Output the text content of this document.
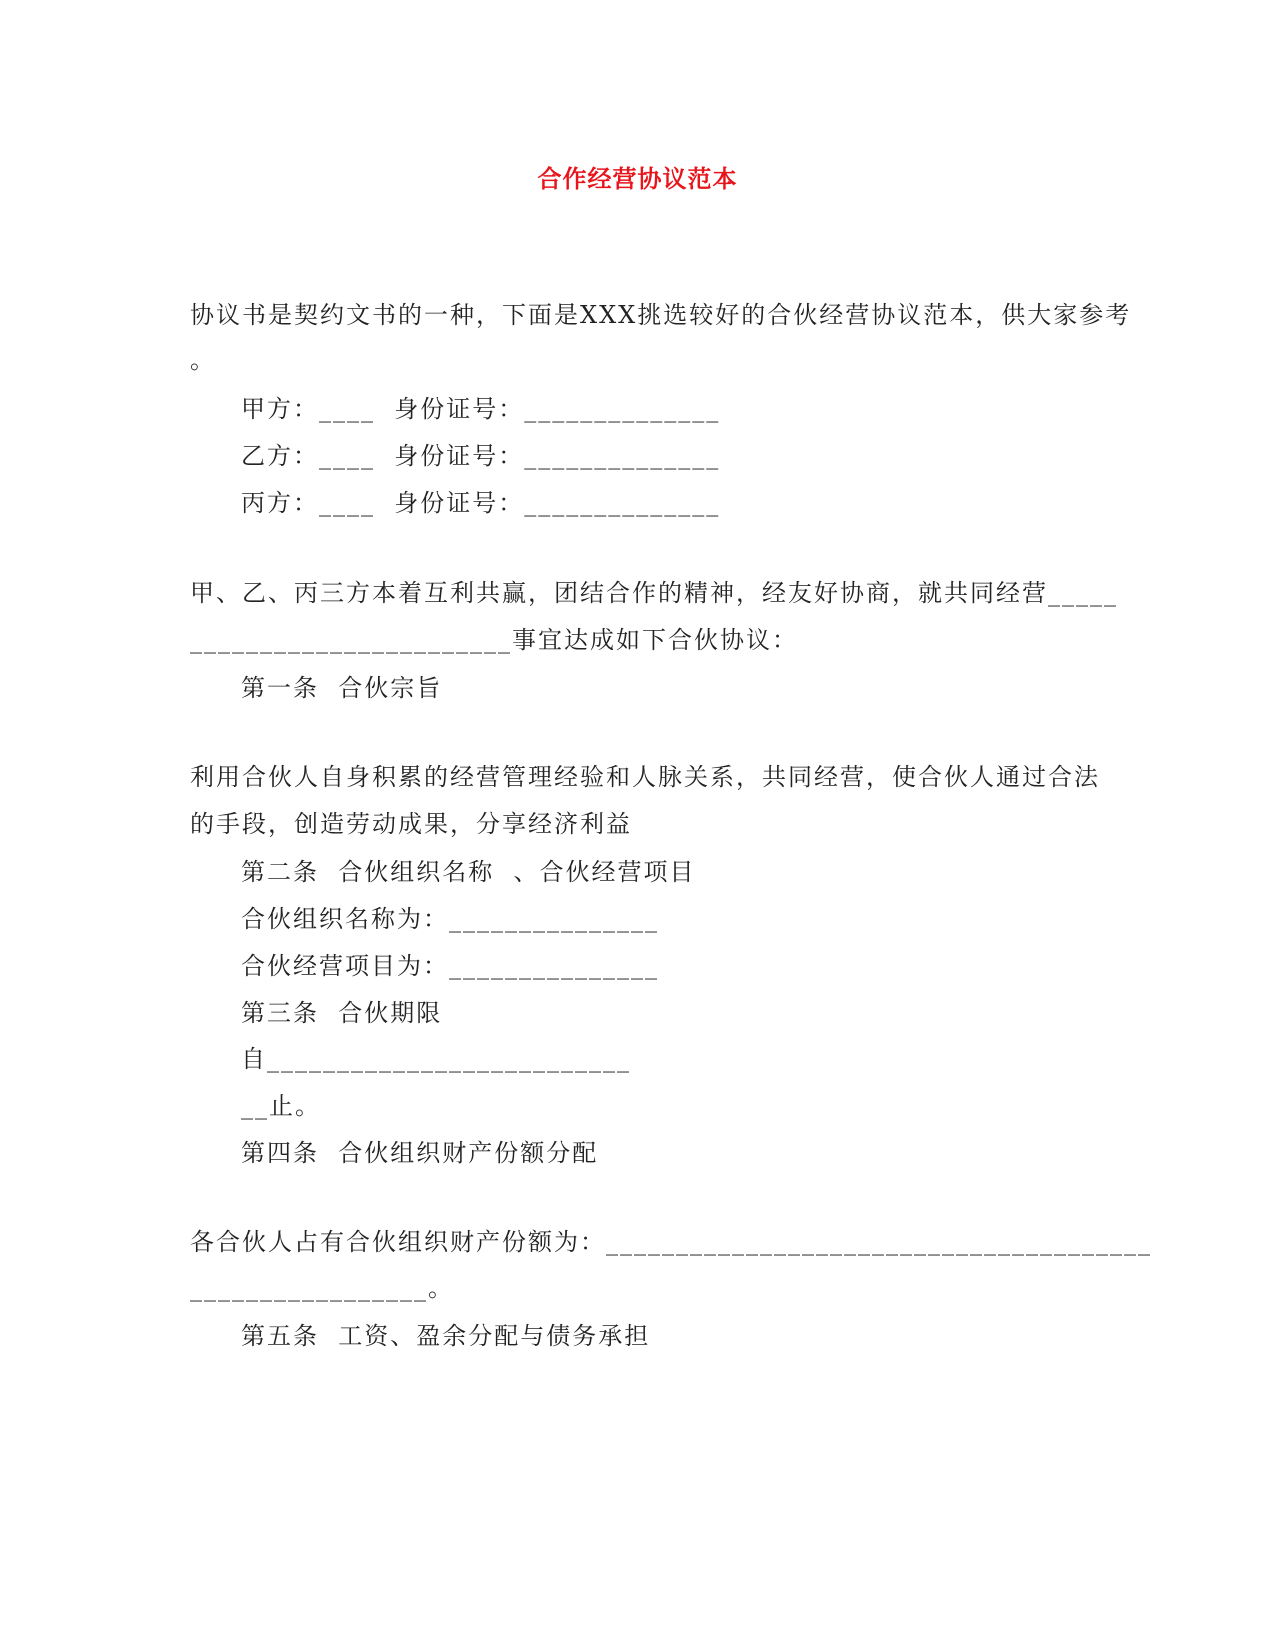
合作经营协议范本
协议书是契约文书的一种，下面是XXX挑选较好的合伙经营协议范本，供大家参考
。
甲方：____  身份证号：______________
乙方：____  身份证号：______________
丙方：____  身份证号：______________
甲、乙、丙三方本着互利共赢，团结合作的精神，经友好协商，就共同经营_____
_______________________事宜达成如下合伙协议：
第一条  合伙宗旨
利用合伙人自身积累的经营管理经验和人脉关系，共同经营，使合伙人通过合法
的手段，创造劳动成果，分享经济利益
第二条  合伙组织名称  、合伙经营项目
合伙组织名称为：_______________
合伙经营项目为：_______________
第三条  合伙期限
自__________________________
__止。
第四条  合伙组织财产份额分配
各合伙人占有合伙组织财产份额为：_______________________________________
_________________。
第五条  工资、盈余分配与债务承担
